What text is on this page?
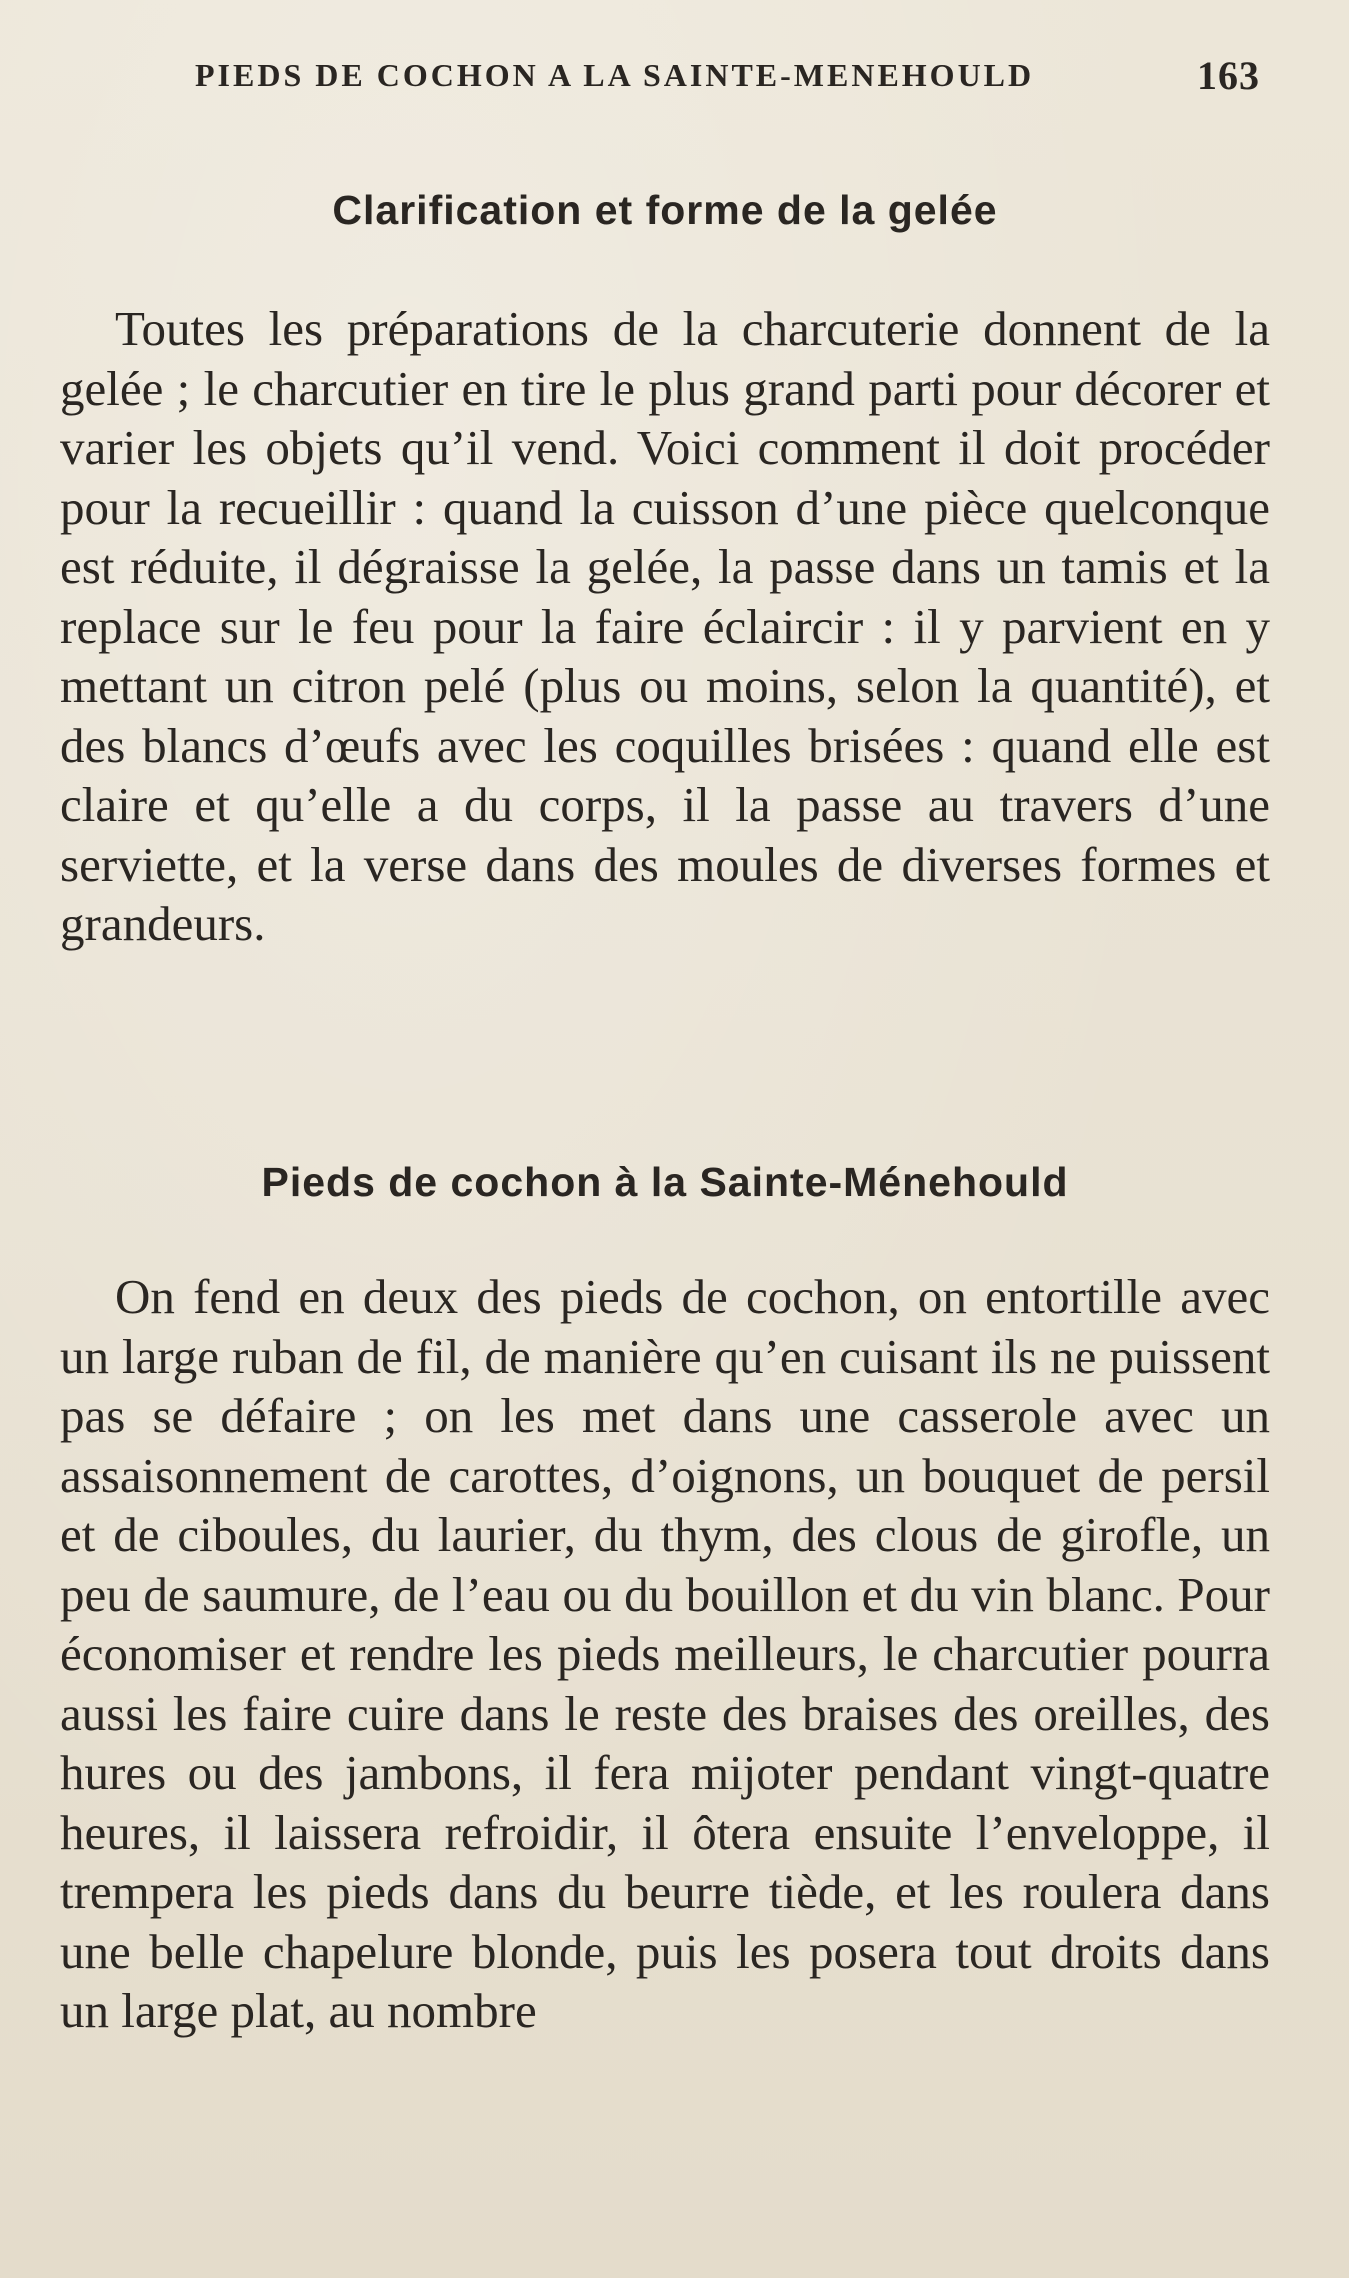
PIEDS DE COCHON A LA SAINTE-MENEHOULD	163
Clarification et forme de la gelée

Toutes les préparations de la charcuterie donnent de la gelée ; le charcutier en tire le plus grand parti pour décorer et varier les objets qu’il vend. Voici comment il doit procéder pour la recueillir : quand la cuisson d’une pièce quelconque est réduite, il dégraisse la gelée, la passe dans un tamis et la replace sur le feu pour la faire éclaircir : il y parvient en y mettant un citron pelé (plus ou moins, selon la quantité), et des blancs d’œufs avec les coquilles brisées : quand elle est claire et qu’elle a du corps, il la passe au travers d’une serviette, et la verse dans des moules de diverses formes et grandeurs.

Pieds de cochon à la Sainte-Ménehould

On fend en deux des pieds de cochon, on entortille avec un large ruban de fil, de manière qu’en cuisant ils ne puissent pas se défaire ; on les met dans une casserole avec un assaisonnement de carottes, d’oignons, un bouquet de persil et de ciboules, du laurier, du thym, des clous de girofle, un peu de saumure, de l’eau ou du bouillon et du vin blanc. Pour économiser et rendre les pieds meilleurs, le charcutier pourra aussi les faire cuire dans le reste des braises des oreilles, des hures ou des jambons, il fera mijoter pendant vingt-quatre heures, il laissera refroidir, il ôtera ensuite l’enveloppe, il trempera les pieds dans du beurre tiède, et les roulera dans une belle chapelure blonde, puis les posera tout droits dans un large plat, au nombre
